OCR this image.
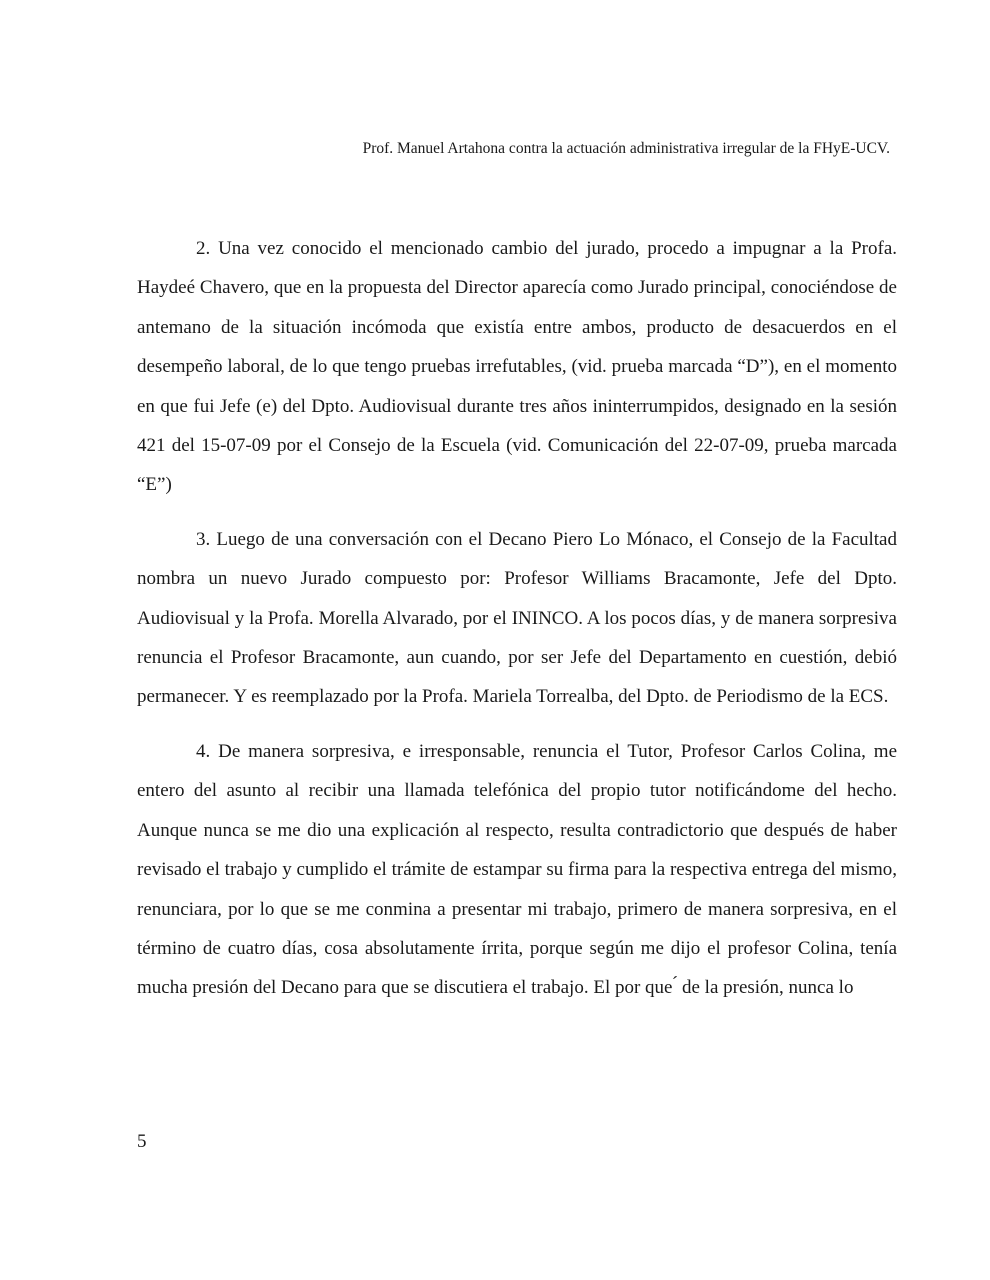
Prof. Manuel Artahona contra la actuación administrativa irregular de la FHyE-UCV.

2. Una vez conocido el mencionado cambio del jurado, procedo a impugnar a la Profa. Haydeé Chavero, que en la propuesta del Director aparecía como Jurado principal, conociéndose de antemano de la situación incómoda que existía entre ambos, producto de desacuerdos en el desempeño laboral, de lo que tengo pruebas irrefutables, (vid. prueba marcada “D”), en el momento en que fui Jefe (e) del Dpto. Audiovisual durante tres años ininterrumpidos, designado en la sesión 421 del 15-07-09 por el Consejo de la Escuela (vid. Comunicación del 22-07-09, prueba marcada “E”)

3. Luego de una conversación con el Decano Piero Lo Mónaco, el Consejo de la Facultad nombra un nuevo Jurado compuesto por: Profesor Williams Bracamonte, Jefe del Dpto. Audiovisual y la Profa. Morella Alvarado, por el ININCO. A los pocos días, y de manera sorpresiva renuncia el Profesor Bracamonte, aun cuando, por ser Jefe del Departamento en cuestión, debió permanecer. Y es reemplazado por la Profa. Mariela Torrealba, del Dpto. de Periodismo de la ECS.

4. De manera sorpresiva, e irresponsable, renuncia el Tutor, Profesor Carlos Colina, me entero del asunto al recibir una llamada telefónica del propio tutor notificándome del hecho. Aunque nunca se me dio una explicación al respecto, resulta contradictorio que después de haber revisado el trabajo y cumplido el trámite de estampar su firma para la respectiva entrega del mismo, renunciara, por lo que se me conmina a presentar mi trabajo, primero de manera sorpresiva, en el término de cuatro días, cosa absolutamente írrita, porque según me dijo el profesor Colina, tenía mucha presión del Decano para que se discutiera el trabajo. El por que ́ de la presión, nunca lo

5
